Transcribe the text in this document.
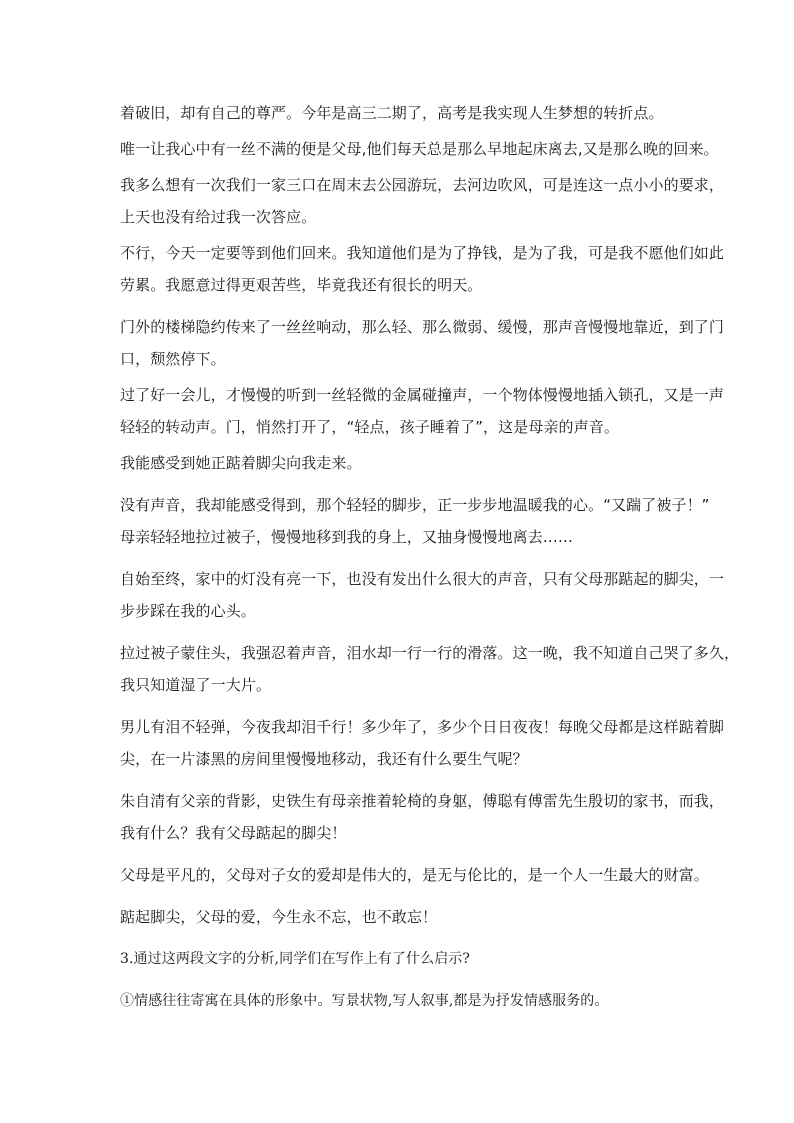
着破旧，却有自己的尊严。今年是高三二期了，高考是我实现人生梦想的转折点。

唯一让我心中有一丝不满的便是父母,他们每天总是那么早地起床离去,又是那么晚的回来。

我多么想有一次我们一家三口在周末去公园游玩，去河边吹风，可是连这一点小小的要求，
上天也没有给过我一次答应。

不行，今天一定要等到他们回来。我知道他们是为了挣钱，是为了我，可是我不愿他们如此
劳累。我愿意过得更艰苦些，毕竟我还有很长的明天。

门外的楼梯隐约传来了一丝丝响动，那么轻、那么微弱、缓慢，那声音慢慢地靠近，到了门
口，颓然停下。

过了好一会儿，才慢慢的听到一丝轻微的金属碰撞声，一个物体慢慢地插入锁孔，又是一声
轻轻的转动声。门，悄然打开了，“轻点，孩子睡着了”，这是母亲的声音。

我能感受到她正踮着脚尖向我走来。

没有声音，我却能感受得到，那个轻轻的脚步，正一步步地温暖我的心。“又踹了被子！”
母亲轻轻地拉过被子，慢慢地移到我的身上，又抽身慢慢地离去……

自始至终，家中的灯没有亮一下，也没有发出什么很大的声音，只有父母那踮起的脚尖，一
步步踩在我的心头。

拉过被子蒙住头，我强忍着声音，泪水却一行一行的滑落。这一晚，我不知道自己哭了多久，
我只知道湿了一大片。

男儿有泪不轻弹，今夜我却泪千行！多少年了，多少个日日夜夜！每晚父母都是这样踮着脚
尖，在一片漆黑的房间里慢慢地移动，我还有什么要生气呢？

朱自清有父亲的背影，史铁生有母亲推着轮椅的身躯，傅聪有傅雷先生殷切的家书，而我，
我有什么？我有父母踮起的脚尖！

父母是平凡的，父母对子女的爱却是伟大的，是无与伦比的，是一个人一生最大的财富。

踮起脚尖，父母的爱，今生永不忘，也不敢忘！

3.通过这两段文字的分析,同学们在写作上有了什么启示?

①情感往往寄寓在具体的形象中。写景状物,写人叙事,都是为抒发情感服务的。
